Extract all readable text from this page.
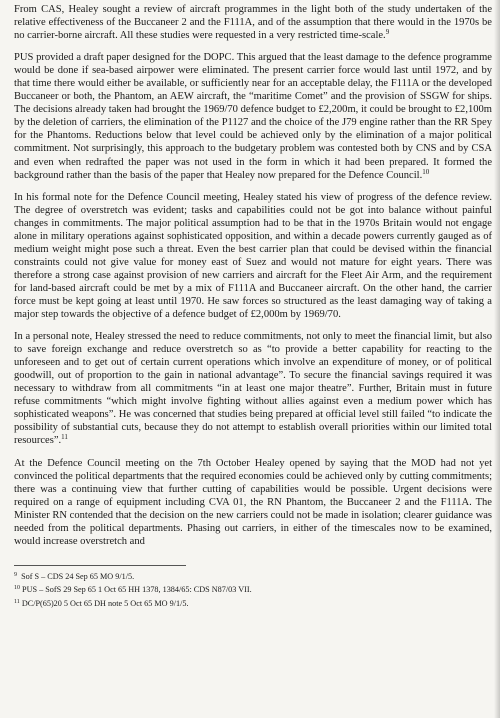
From CAS, Healey sought a review of aircraft programmes in the light both of the study undertaken of the relative effectiveness of the Buccaneer 2 and the F111A, and of the assumption that there would in the 1970s be no carrier-borne aircraft. All these studies were requested in a very restricted time-scale.$^9$

PUS provided a draft paper designed for the DOPC. This argued that the least damage to the defence programme would be done if sea-based airpower were eliminated. The present carrier force would last until 1972, and by that time there would either be available, or sufficiently near for an acceptable delay, the F111A or the developed Buccaneer or both, the Phantom, an AEW aircraft, the “maritime Comet” and the provision of SSGW for ships. The decisions already taken had brought the 1969/70 defence budget to £2,200m, it could be brought to £2,100m by the deletion of carriers, the elimination of the P1127 and the choice of the J79 engine rather than the RR Spey for the Phantoms. Reductions below that level could be achieved only by the elimination of a major political commitment. Not surprisingly, this approach to the budgetary problem was contested both by CNS and by CSA and even when redrafted the paper was not used in the form in which it had been prepared. It formed the background rather than the basis of the paper that Healey now prepared for the Defence Council.$^{10}$

In his formal note for the Defence Council meeting, Healey stated his view of progress of the defence review. The degree of overstretch was evident; tasks and capabilities could not be got into balance without painful changes in commitments. The major political assumption had to be that in the 1970s Britain would not engage alone in military operations against sophisticated opposition, and within a decade powers currently gauged as of medium weight might pose such a threat. Even the best carrier plan that could be devised within the financial constraints could not give value for money east of Suez and would not mature for eight years. There was therefore a strong case against provision of new carriers and aircraft for the Fleet Air Arm, and the requirement for land-based aircraft could be met by a mix of F111A and Buccaneer aircraft. On the other hand, the carrier force must be kept going at least until 1970. He saw forces so structured as the least damaging way of taking a major step towards the objective of a defence budget of £2,000m by 1969/70.

In a personal note, Healey stressed the need to reduce commitments, not only to meet the financial limit, but also to save foreign exchange and reduce overstretch so as “to provide a better capability for reacting to the unforeseen and to get out of certain current operations which involve an expenditure of money, or of political goodwill, out of proportion to the gain in national advantage”. To secure the financial savings required it was necessary to withdraw from all commitments “in at least one major theatre”. Further, Britain must in future refuse commitments “which might involve fighting without allies against even a medium power which has sophisticated weapons”. He was concerned that studies being prepared at official level still failed “to indicate the possibility of substantial cuts, because they do not attempt to establish overall priorities within our limited total resources”.$^{11}$

At the Defence Council meeting on the 7th October Healey opened by saying that the MOD had not yet convinced the political departments that the required economies could be achieved only by cutting commitments; there was a continuing view that further cutting of capabilities would be possible. Urgent decisions were required on a range of equipment including CVA 01, the RN Phantom, the Buccaneer 2 and the F111A. The Minister RN contended that the decision on the new carriers could not be made in isolation; clearer guidance was needed from the political departments. Phasing out carriers, in either of the timescales now to be examined, would increase overstretch and

$^9$ Sof S – CDS 24 Sep 65 MO 9/1/5.

$^{10}$ PUS – SofS 29 Sep 65 1 Oct 65 HH 1378, 1384/65: CDS N87/03 VII.

$^{11}$ DC/P(65)20 5 Oct 65 DH note 5 Oct 65 MO 9/1/5.
